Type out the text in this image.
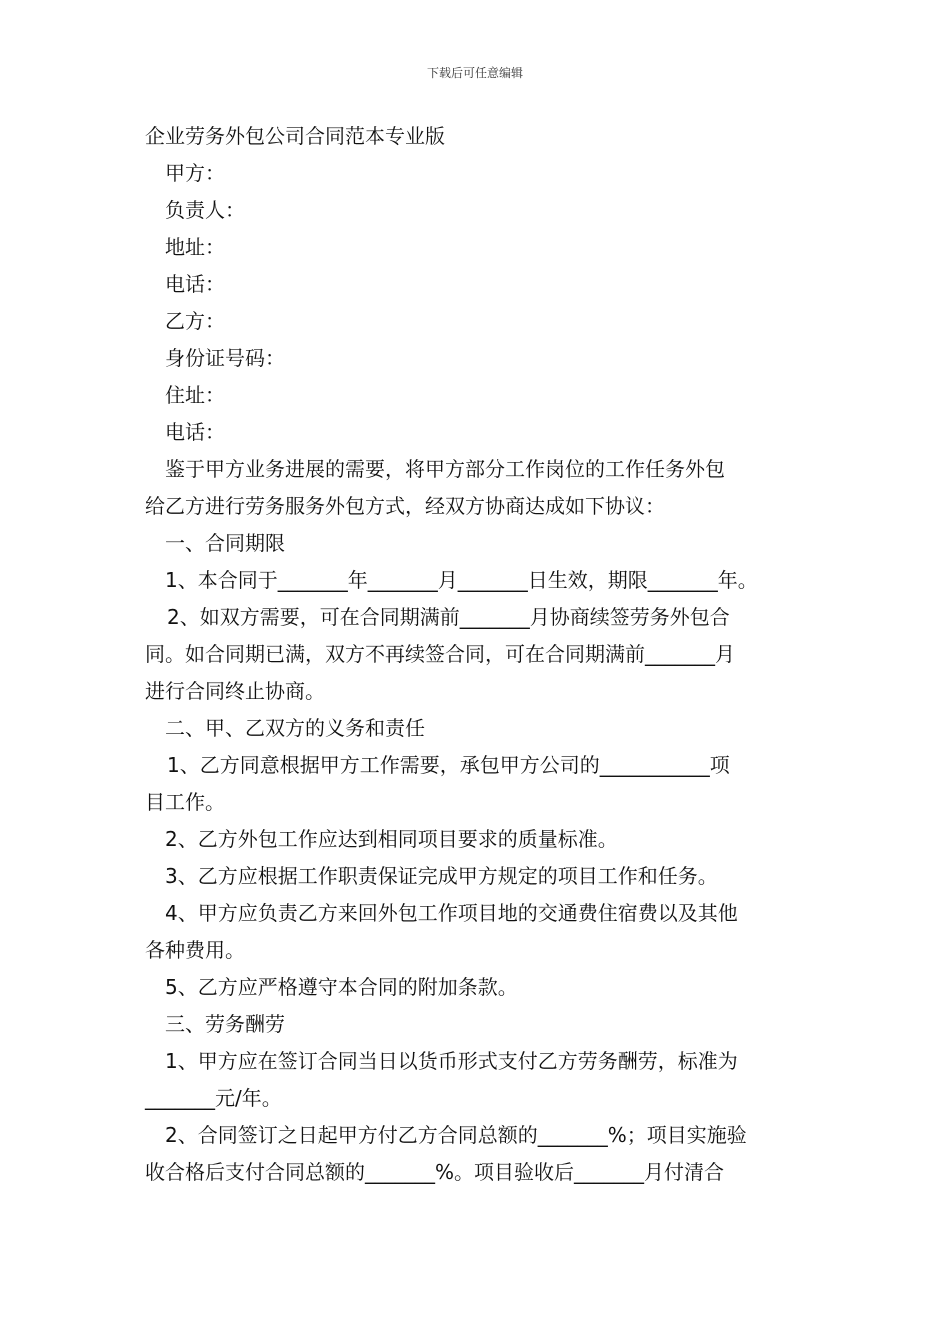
下载后可任意编辑

企业劳务外包公司合同范本专业版

甲方：

负责人：

地址：

电话：

乙方：

身份证号码：

住址：

电话：

鉴于甲方业务进展的需要，将甲方部分工作岗位的工作任务外包

给乙方进行劳务服务外包方式，经双方协商达成如下协议：

一、合同期限

1、本合同于_______年_______月_______日生效，期限_______年。

2、如双方需要，可在合同期满前_______月协商续签劳务外包合

同。如合同期已满，双方不再续签合同，可在合同期满前_______月

进行合同终止协商。

二、甲、乙双方的义务和责任

1、乙方同意根据甲方工作需要，承包甲方公司的___________项

目工作。

2、乙方外包工作应达到相同项目要求的质量标准。

3、乙方应根据工作职责保证完成甲方规定的项目工作和任务。

4、甲方应负责乙方来回外包工作项目地的交通费住宿费以及其他

各种费用。

5、乙方应严格遵守本合同的附加条款。

三、劳务酬劳

1、甲方应在签订合同当日以货币形式支付乙方劳务酬劳，标准为

_______元/年。

2、合同签订之日起甲方付乙方合同总额的_______%；项目实施验

收合格后支付合同总额的_______%。项目验收后_______月付清合
